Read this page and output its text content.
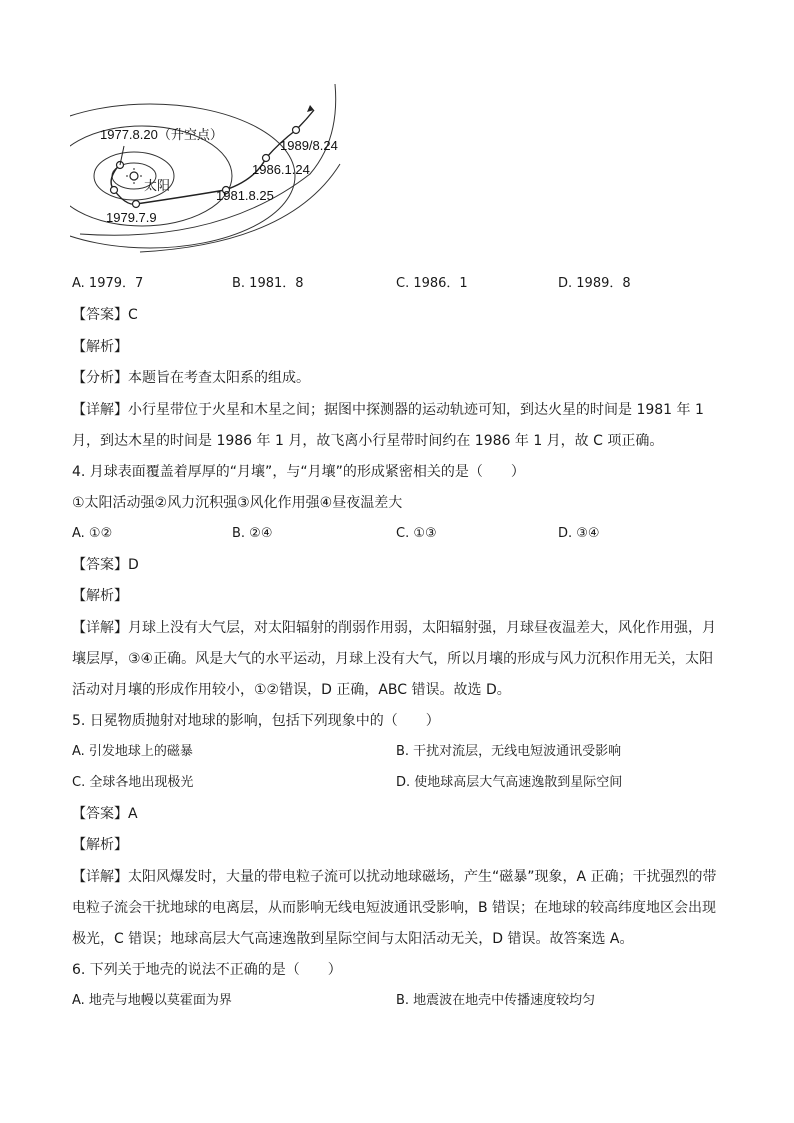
1977.8.20（升空点）
太阳
1979.7.9
1981.8.25
1986.1.24
1989/8.24
A. 1979．7	B. 1981．8	C. 1986．1	D. 1989．8
【答案】C
【解析】
【分析】本题旨在考查太阳系的组成。
【详解】小行星带位于火星和木星之间；据图中探测器的运动轨迹可知，到达火星的时间是 1981 年 1
月，到达木星的时间是 1986 年 1 月，故飞离小行星带时间约在 1986 年 1 月，故 C 项正确。
4. 月球表面覆盖着厚厚的“月壤”，与“月壤”的形成紧密相关的是（　　）
①太阳活动强②风力沉积强③风化作用强④昼夜温差大
A. ①②	B. ②④	C. ①③	D. ③④
【答案】D
【解析】
【详解】月球上没有大气层，对太阳辐射的削弱作用弱，太阳辐射强，月球昼夜温差大，风化作用强，月
壤层厚，③④正确。风是大气的水平运动，月球上没有大气，所以月壤的形成与风力沉积作用无关，太阳
活动对月壤的形成作用较小，①②错误，D 正确，ABC 错误。故选 D。
5. 日冕物质抛射对地球的影响，包括下列现象中的（　　）
A. 引发地球上的磁暴	B. 干扰对流层，无线电短波通讯受影响
C. 全球各地出现极光	D. 使地球高层大气高速逸散到星际空间
【答案】A
【解析】
【详解】太阳风爆发时，大量的带电粒子流可以扰动地球磁场，产生“磁暴”现象，A 正确；干扰强烈的带
电粒子流会干扰地球的电离层，从而影响无线电短波通讯受影响，B 错误；在地球的较高纬度地区会出现
极光，C 错误；地球高层大气高速逸散到星际空间与太阳活动无关，D 错误。故答案选 A。
6. 下列关于地壳的说法不正确的是（　　）
A. 地壳与地幔以莫霍面为界	B. 地震波在地壳中传播速度较均匀
